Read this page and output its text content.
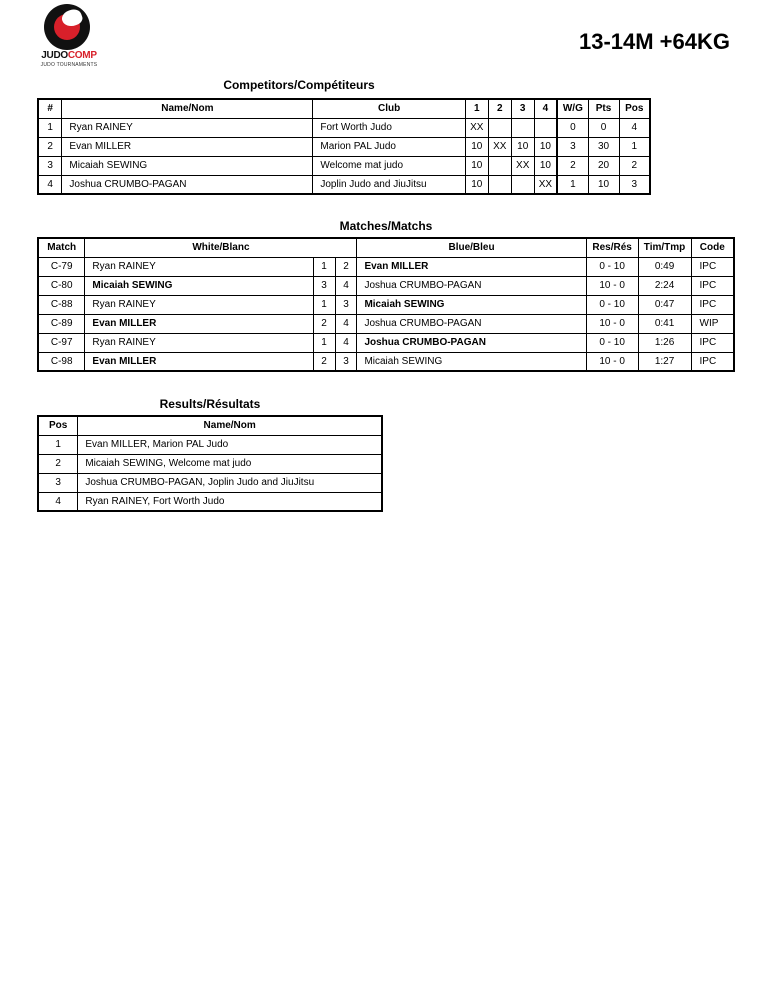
JUDOCOMP
JUDO TOURNAMENTS
13-14M +64KG
Competitors/Compétiteurs
#	Name/Nom	Club	1	2	3	4	W/G	Pts	Pos
1	Ryan RAINEY	Fort Worth Judo	XX				0	0	4
2	Evan MILLER	Marion PAL Judo	10	XX	10	10	3	30	1
3	Micaiah SEWING	Welcome mat judo	10		XX	10	2	20	2
4	Joshua CRUMBO-PAGAN	Joplin Judo and JiuJitsu	10			XX	1	10	3
Matches/Matchs
Match	White/Blanc			Blue/Bleu	Res/Rés	Tim/Tmp	Code
C-79	Ryan RAINEY	1	2	Evan MILLER	0 - 10	0:49	IPC
C-80	Micaiah SEWING	3	4	Joshua CRUMBO-PAGAN	10 - 0	2:24	IPC
C-88	Ryan RAINEY	1	3	Micaiah SEWING	0 - 10	0:47	IPC
C-89	Evan MILLER	2	4	Joshua CRUMBO-PAGAN	10 - 0	0:41	WIP
C-97	Ryan RAINEY	1	4	Joshua CRUMBO-PAGAN	0 - 10	1:26	IPC
C-98	Evan MILLER	2	3	Micaiah SEWING	10 - 0	1:27	IPC
Results/Résultats
Pos	Name/Nom
1	Evan MILLER, Marion PAL Judo
2	Micaiah SEWING, Welcome mat judo
3	Joshua CRUMBO-PAGAN, Joplin Judo and JiuJitsu
4	Ryan RAINEY, Fort Worth Judo
